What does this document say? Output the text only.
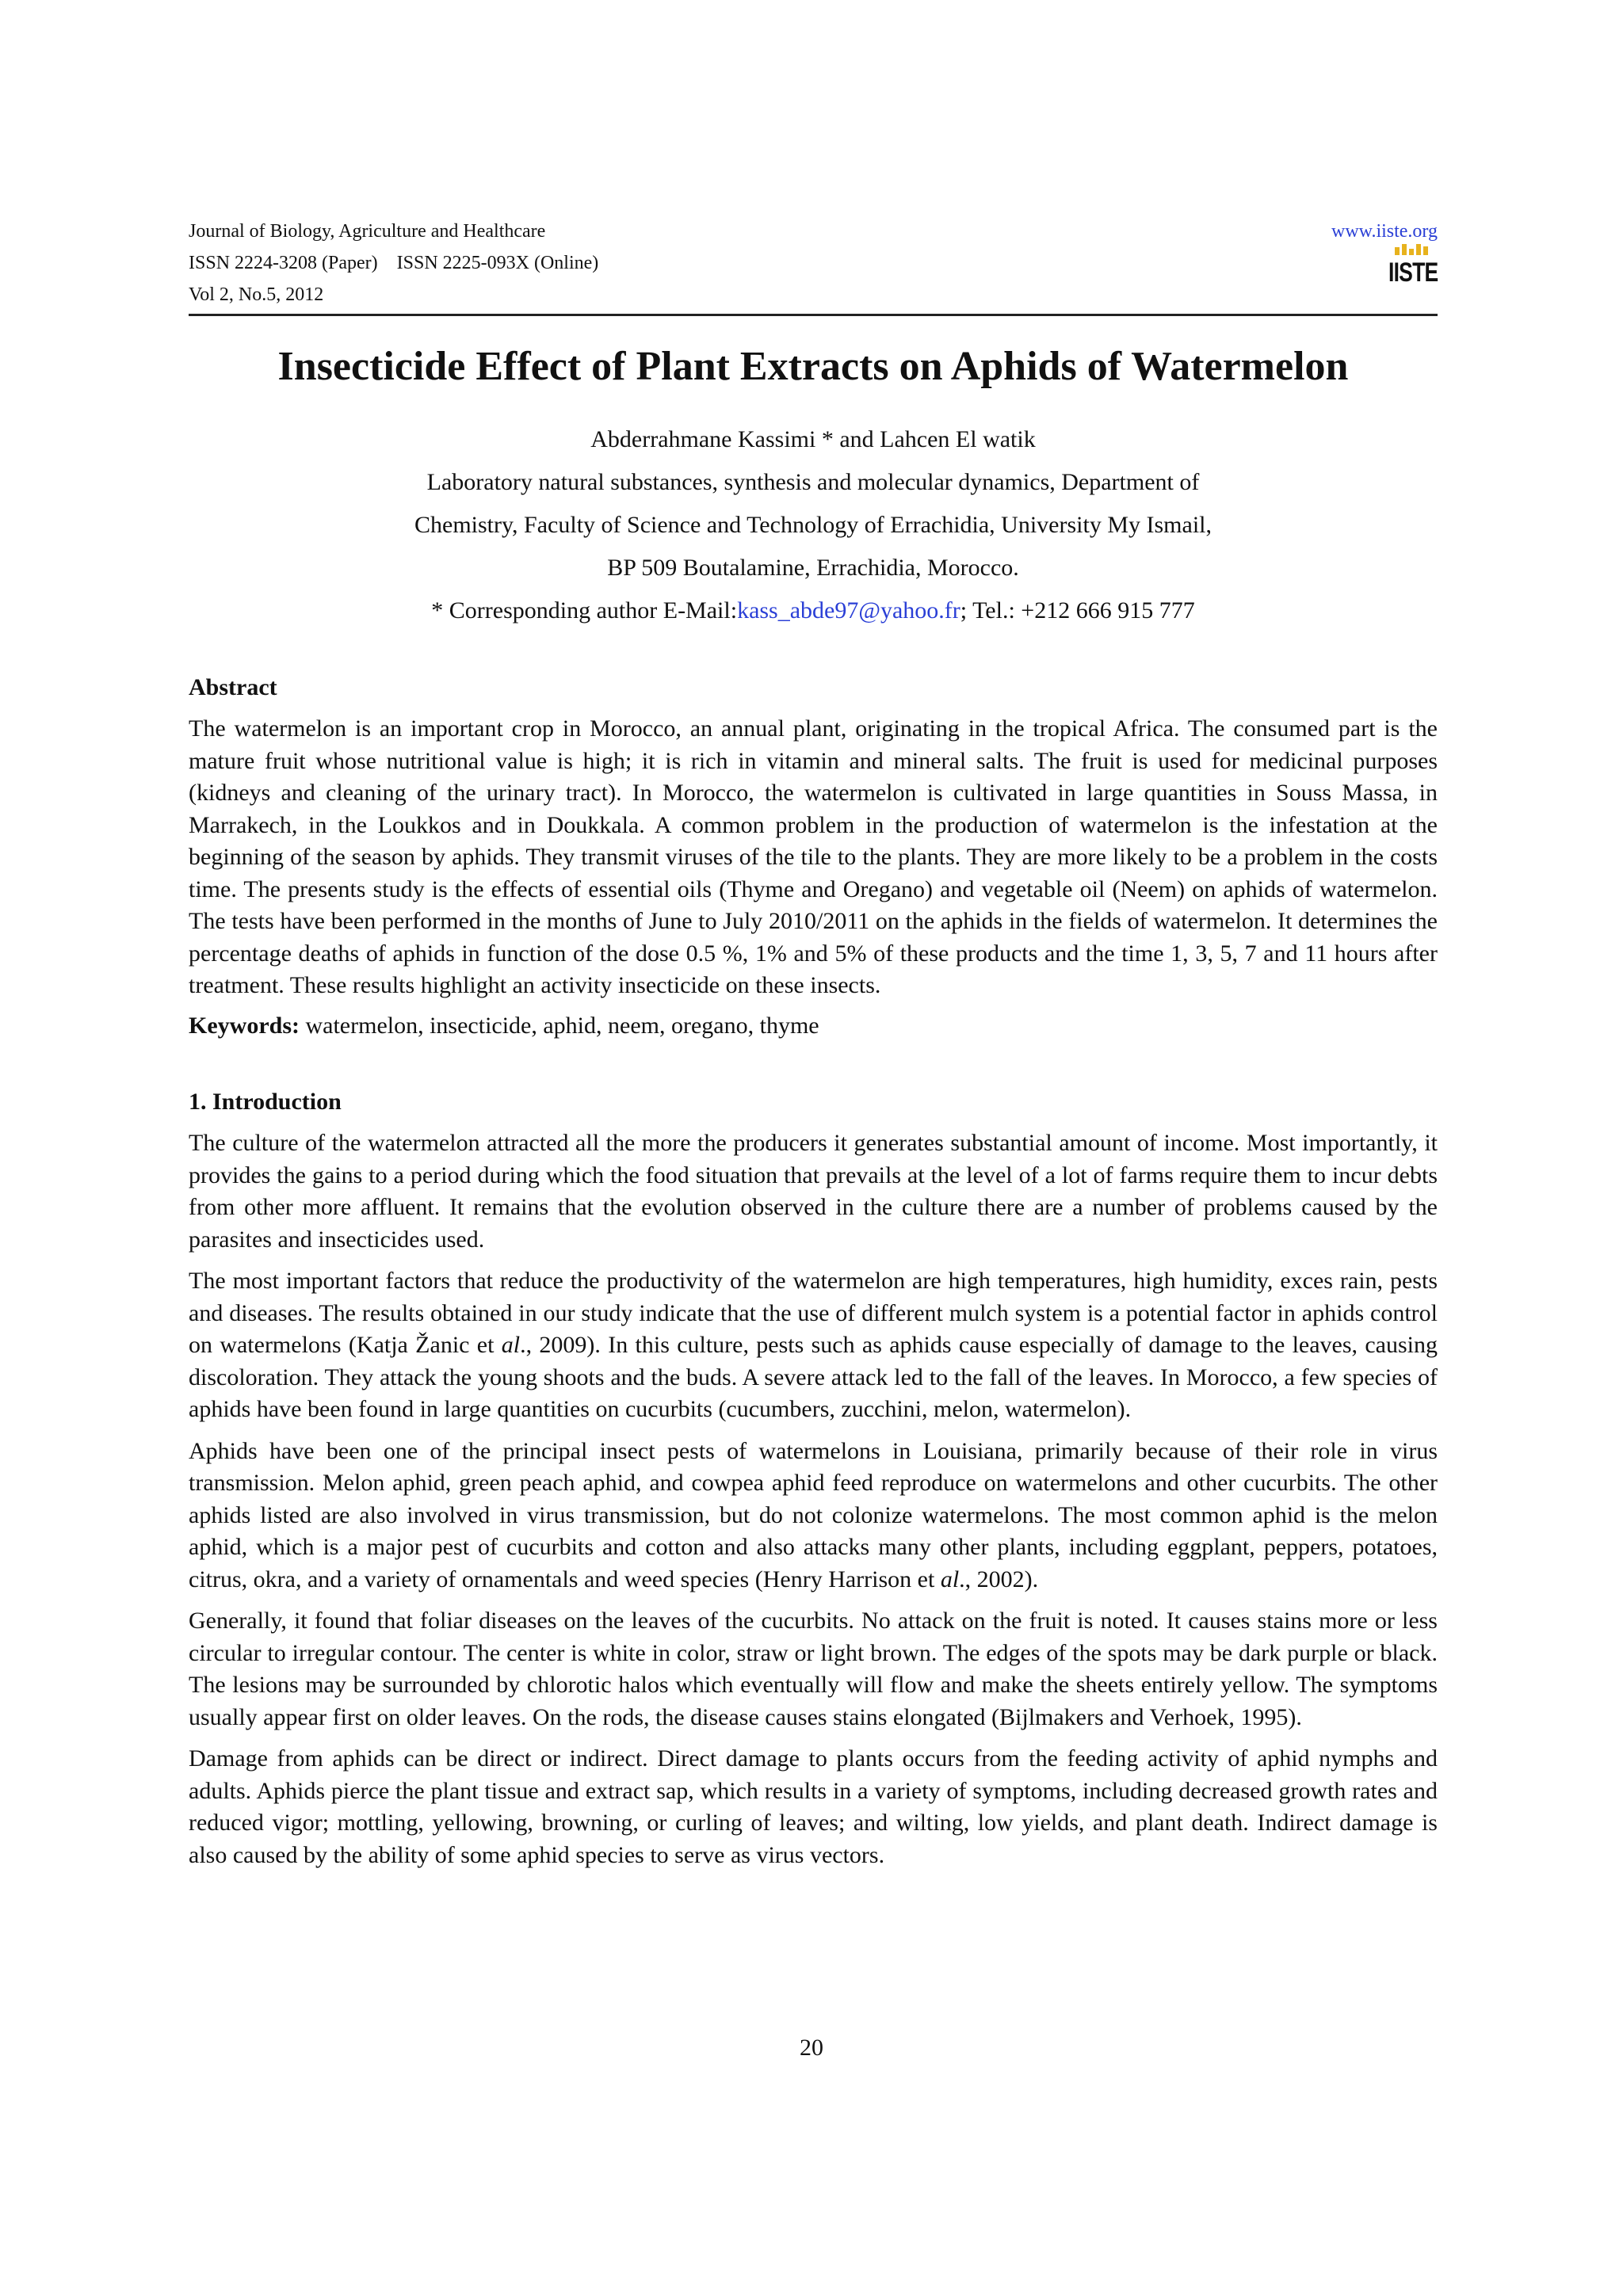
Journal of Biology, Agriculture and Healthcare
ISSN 2224-3208 (Paper)    ISSN 2225-093X (Online)
Vol 2, No.5, 2012
www.iiste.org
IISTE
Insecticide Effect of Plant Extracts on Aphids of Watermelon
Abderrahmane Kassimi * and Lahcen El watik
Laboratory natural substances, synthesis and molecular dynamics, Department of
Chemistry, Faculty of Science and Technology of Errachidia, University My Ismail,
BP 509 Boutalamine, Errachidia, Morocco.
* Corresponding author E-Mail:kass_abde97@yahoo.fr; Tel.: +212 666 915 777
Abstract

The watermelon is an important crop in Morocco, an annual plant, originating in the tropical Africa. The consumed part is the mature fruit whose nutritional value is high; it is rich in vitamin and mineral salts. The fruit is used for medicinal purposes (kidneys and cleaning of the urinary tract). In Morocco, the watermelon is cultivated in large quantities in Souss Massa, in Marrakech, in the Loukkos and in Doukkala. A common problem in the production of watermelon is the infestation at the beginning of the season by aphids. They transmit viruses of the tile to the plants. They are more likely to be a problem in the costs time. The presents study is the effects of essential oils (Thyme and Oregano) and vegetable oil (Neem) on aphids of watermelon. The tests have been performed in the months of June to July 2010/2011 on the aphids in the fields of watermelon. It determines the percentage deaths of aphids in function of the dose 0.5 %, 1% and 5% of these products and the time 1, 3, 5, 7 and 11 hours after treatment. These results highlight an activity insecticide on these insects.

Keywords: watermelon, insecticide, aphid, neem, oregano, thyme

1. Introduction

The culture of the watermelon attracted all the more the producers it generates substantial amount of income. Most importantly, it provides the gains to a period during which the food situation that prevails at the level of a lot of farms require them to incur debts from other more affluent. It remains that the evolution observed in the culture there are a number of problems caused by the parasites and insecticides used.

The most important factors that reduce the productivity of the watermelon are high temperatures, high humidity, exces rain, pests and diseases. The results obtained in our study indicate that the use of different mulch system is a potential factor in aphids control on watermelons (Katja Žanic et al., 2009). In this culture, pests such as aphids cause especially of damage to the leaves, causing discoloration. They attack the young shoots and the buds. A severe attack led to the fall of the leaves. In Morocco, a few species of aphids have been found in large quantities on cucurbits (cucumbers, zucchini, melon, watermelon).

Aphids have been one of the principal insect pests of watermelons in Louisiana, primarily because of their role in virus transmission. Melon aphid, green peach aphid, and cowpea aphid feed reproduce on watermelons and other cucurbits. The other aphids listed are also involved in virus transmission, but do not colonize watermelons. The most common aphid is the melon aphid, which is a major pest of cucurbits and cotton and also attacks many other plants, including eggplant, peppers, potatoes, citrus, okra, and a variety of ornamentals and weed species (Henry Harrison et al., 2002).

Generally, it found that foliar diseases on the leaves of the cucurbits. No attack on the fruit is noted. It causes stains more or less circular to irregular contour. The center is white in color, straw or light brown. The edges of the spots may be dark purple or black. The lesions may be surrounded by chlorotic halos which eventually will flow and make the sheets entirely yellow. The symptoms usually appear first on older leaves. On the rods, the disease causes stains elongated (Bijlmakers and Verhoek, 1995).

Damage from aphids can be direct or indirect. Direct damage to plants occurs from the feeding activity of aphid nymphs and adults. Aphids pierce the plant tissue and extract sap, which results in a variety of symptoms, including decreased growth rates and reduced vigor; mottling, yellowing, browning, or curling of leaves; and wilting, low yields, and plant death. Indirect damage is also caused by the ability of some aphid species to serve as virus vectors.

20
